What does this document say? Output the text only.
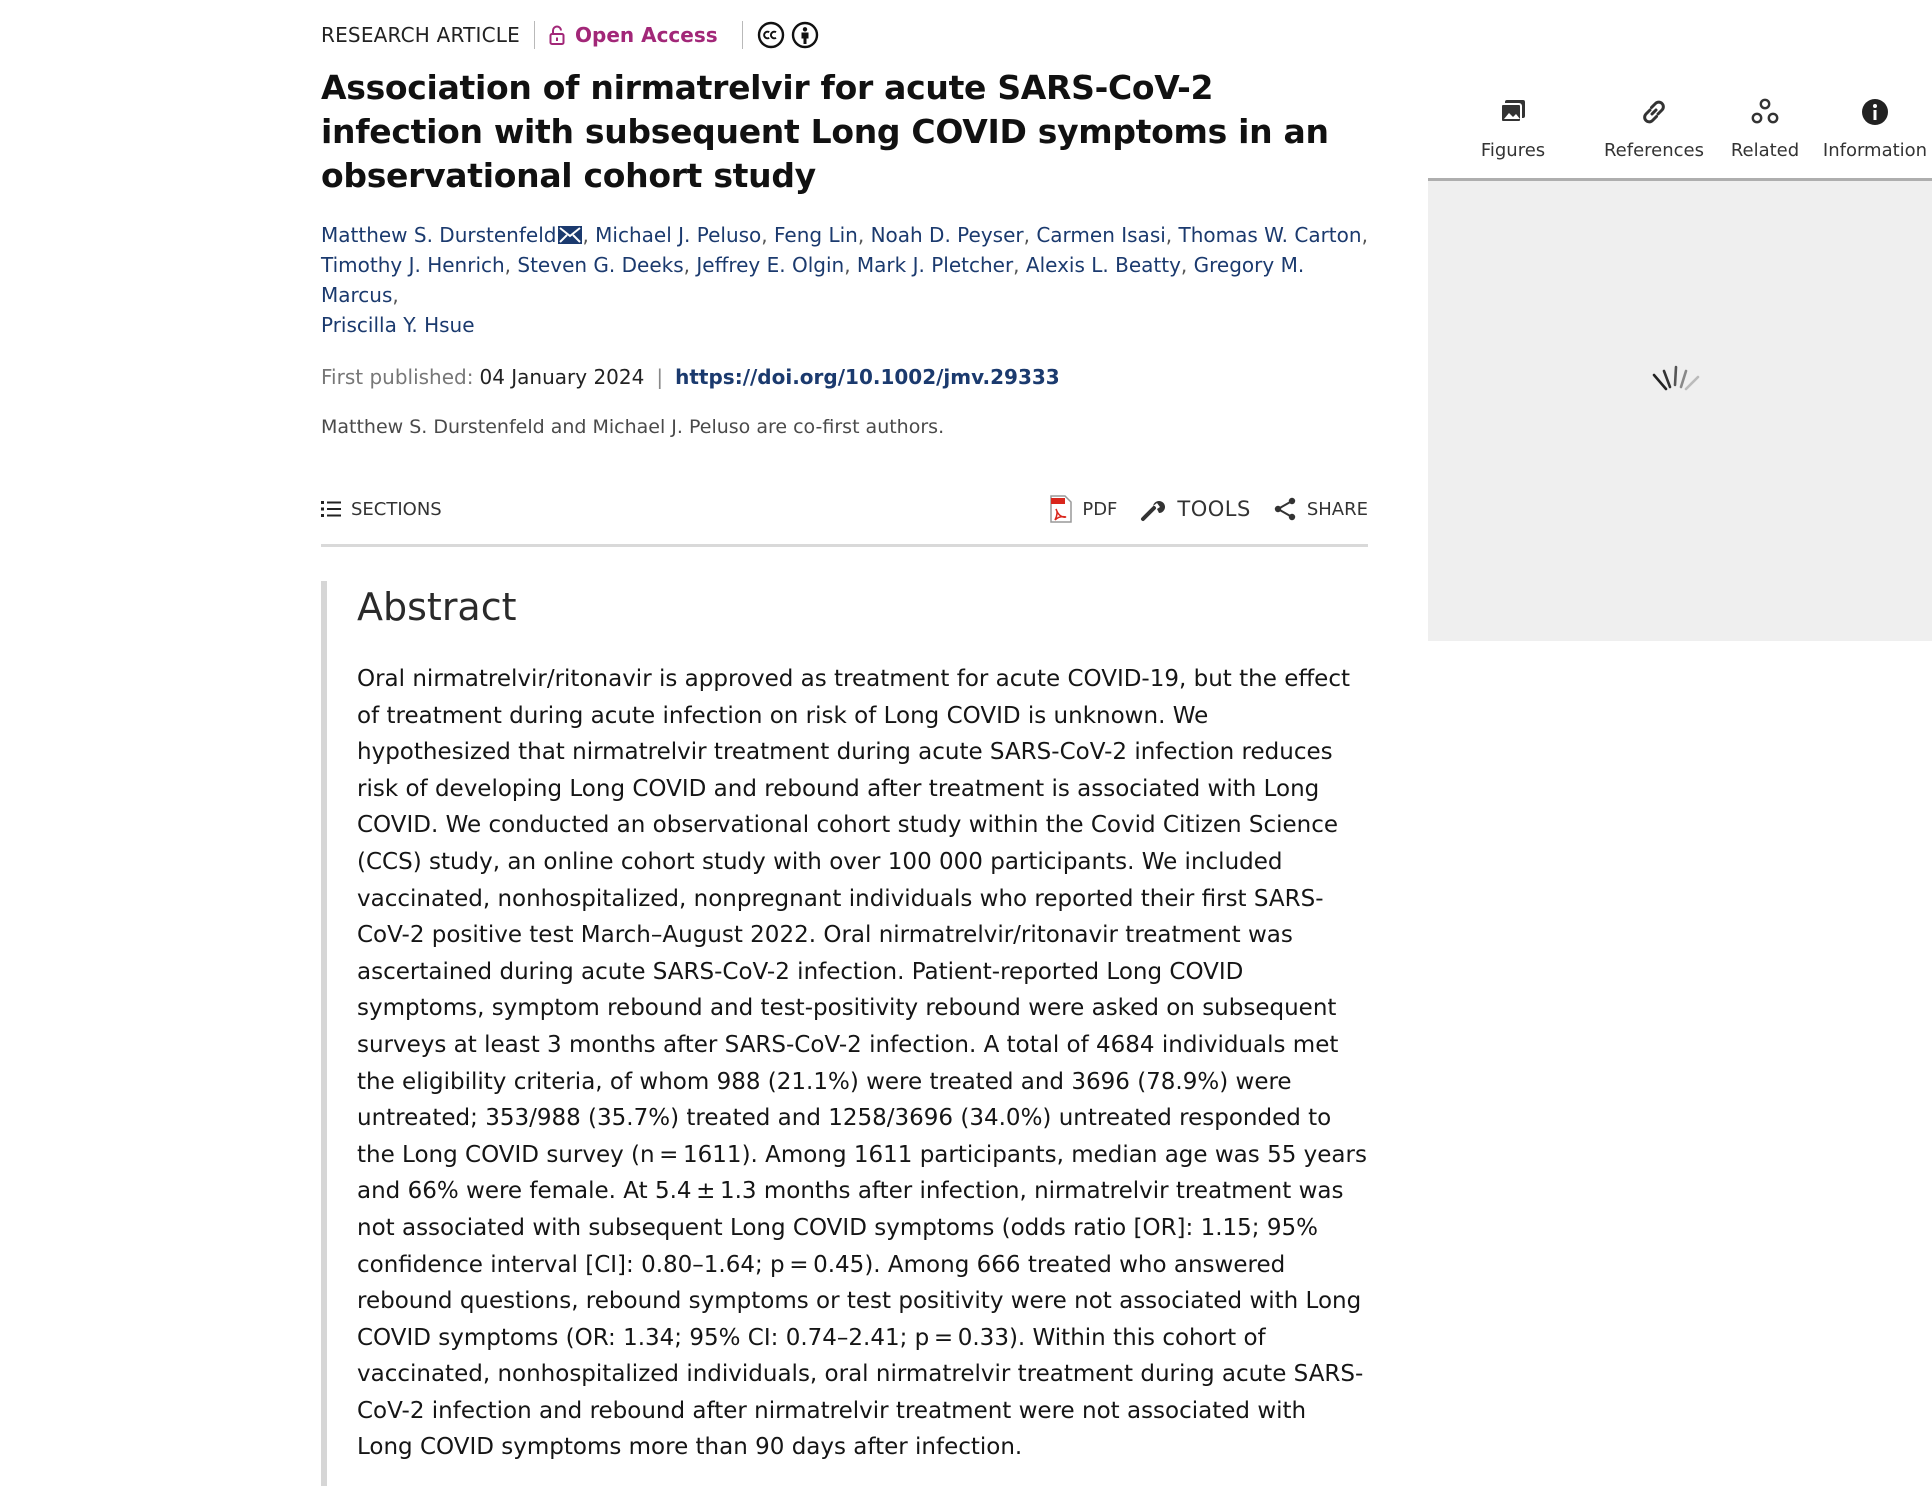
RESEARCH ARTICLE	Open Access
Association of nirmatrelvir for acute SARS-CoV-2 infection with subsequent Long COVID symptoms in an observational cohort study
Matthew S. Durstenfeld , Michael J. Peluso, Feng Lin, Noah D. Peyser, Carmen Isasi, Thomas W. Carton,
Timothy J. Henrich, Steven G. Deeks, Jeffrey E. Olgin, Mark J. Pletcher, Alexis L. Beatty, Gregory M. Marcus,
Priscilla Y. Hsue
First published: 04 January 2024 | https://doi.org/10.1002/jmv.29333
Matthew S. Durstenfeld and Michael J. Peluso are co-first authors.
SECTIONS	PDF	TOOLS	SHARE
Abstract

Oral nirmatrelvir/ritonavir is approved as treatment for acute COVID-19, but the effect of treatment during acute infection on risk of Long COVID is unknown. We hypothesized that nirmatrelvir treatment during acute SARS-CoV-2 infection reduces risk of developing Long COVID and rebound after treatment is associated with Long COVID. We conducted an observational cohort study within the Covid Citizen Science (CCS) study, an online cohort study with over 100 000 participants. We included vaccinated, nonhospitalized, nonpregnant individuals who reported their first SARS-CoV-2 positive test March–August 2022. Oral nirmatrelvir/ritonavir treatment was ascertained during acute SARS-CoV-2 infection. Patient-reported Long COVID symptoms, symptom rebound and test-positivity rebound were asked on subsequent surveys at least 3 months after SARS-CoV-2 infection. A total of 4684 individuals met the eligibility criteria, of whom 988 (21.1%) were treated and 3696 (78.9%) were untreated; 353/988 (35.7%) treated and 1258/3696 (34.0%) untreated responded to the Long COVID survey (n = 1611). Among 1611 participants, median age was 55 years and 66% were female. At 5.4 ± 1.3 months after infection, nirmatrelvir treatment was not associated with subsequent Long COVID symptoms (odds ratio [OR]: 1.15; 95% confidence interval [CI]: 0.80–1.64; p = 0.45). Among 666 treated who answered rebound questions, rebound symptoms or test positivity were not associated with Long COVID symptoms (OR: 1.34; 95% CI: 0.74–2.41; p = 0.33). Within this cohort of vaccinated, nonhospitalized individuals, oral nirmatrelvir treatment during acute SARS-CoV-2 infection and rebound after nirmatrelvir treatment were not associated with Long COVID symptoms more than 90 days after infection.

Figures	References Related Information
